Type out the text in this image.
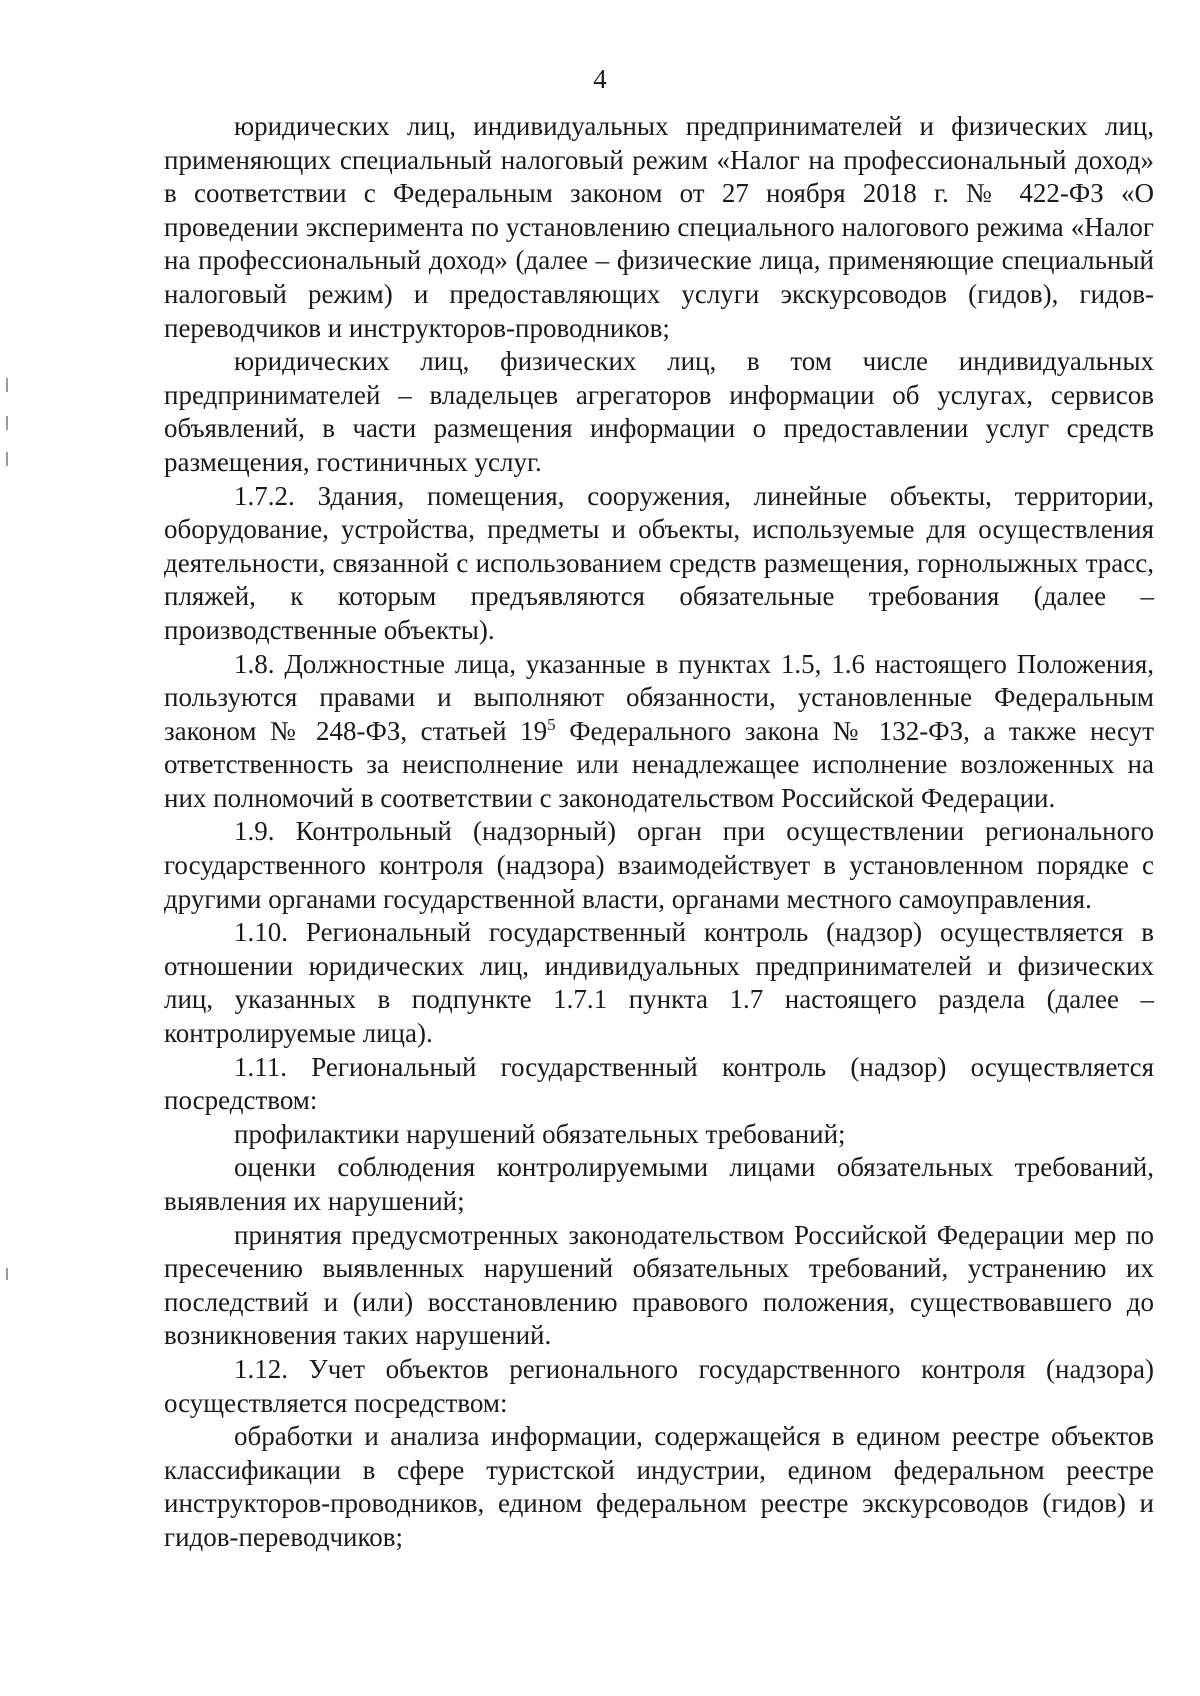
4

юридических лиц, индивидуальных предпринимателей и физических лиц, применяющих специальный налоговый режим «Налог на профессиональный доход» в соответствии с Федеральным законом от 27 ноября 2018 г. № 422-ФЗ «О проведении эксперимента по установлению специального налогового режима «Налог на профессиональный доход» (далее – физические лица, применяющие специальный налоговый режим) и предоставляющих услуги экскурсоводов (гидов), гидов-переводчиков и инструкторов-проводников;

юридических лиц, физических лиц, в том числе индивидуальных предпринимателей – владельцев агрегаторов информации об услугах, сервисов объявлений, в части размещения информации о предоставлении услуг средств размещения, гостиничных услуг.

1.7.2. Здания, помещения, сооружения, линейные объекты, территории, оборудование, устройства, предметы и объекты, используемые для осуществления деятельности, связанной с использованием средств размещения, горнолыжных трасс, пляжей, к которым предъявляются обязательные требования (далее – производственные объекты).

1.8. Должностные лица, указанные в пунктах 1.5, 1.6 настоящего Положения, пользуются правами и выполняют обязанности, установленные Федеральным законом № 248-ФЗ, статьей $19^5$ Федерального закона № 132-ФЗ, а также несут ответственность за неисполнение или ненадлежащее исполнение возложенных на них полномочий в соответствии с законодательством Российской Федерации.

1.9. Контрольный (надзорный) орган при осуществлении регионального государственного контроля (надзора) взаимодействует в установленном порядке с другими органами государственной власти, органами местного самоуправления.

1.10. Региональный государственный контроль (надзор) осуществляется в отношении юридических лиц, индивидуальных предпринимателей и физических лиц, указанных в подпункте 1.7.1 пункта 1.7 настоящего раздела (далее – контролируемые лица).

1.11. Региональный государственный контроль (надзор) осуществляется посредством:

профилактики нарушений обязательных требований;

оценки соблюдения контролируемыми лицами обязательных требований, выявления их нарушений;

принятия предусмотренных законодательством Российской Федерации мер по пресечению выявленных нарушений обязательных требований, устранению их последствий и (или) восстановлению правового положения, существовавшего до возникновения таких нарушений.

1.12. Учет объектов регионального государственного контроля (надзора) осуществляется посредством:

обработки и анализа информации, содержащейся в едином реестре объектов классификации в сфере туристской индустрии, едином федеральном реестре инструкторов-проводников, едином федеральном реестре экскурсоводов (гидов) и гидов-переводчиков;
